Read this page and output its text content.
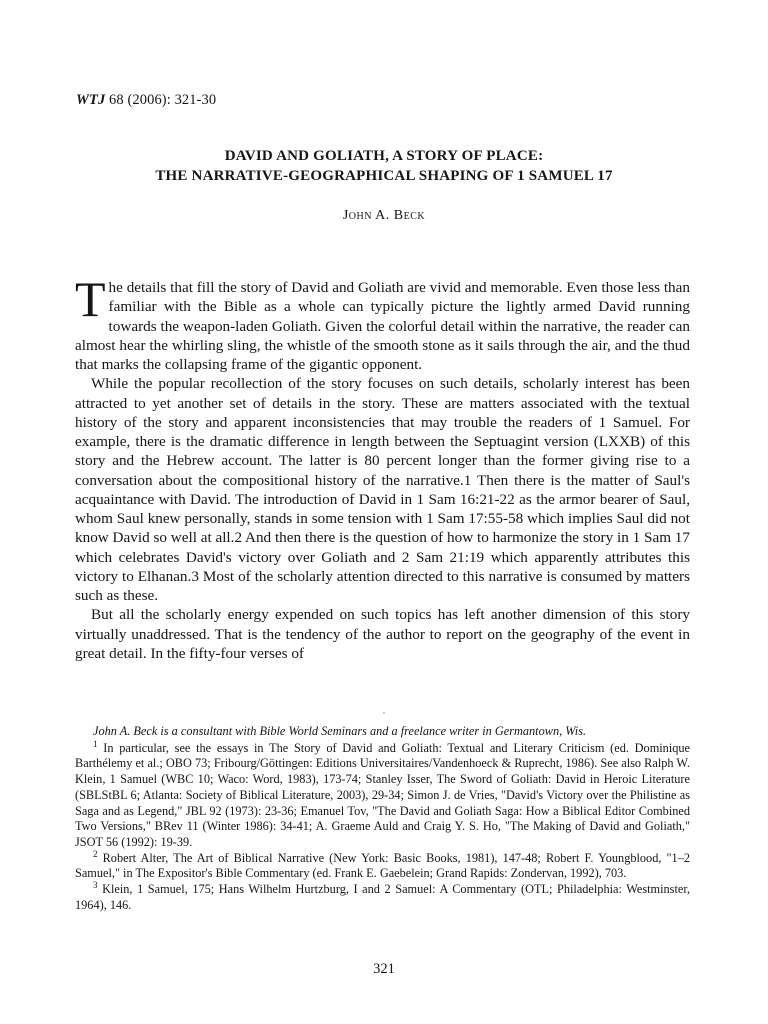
WTJ 68 (2006): 321-30
DAVID AND GOLIATH, A STORY OF PLACE:
THE NARRATIVE-GEOGRAPHICAL SHAPING OF 1 SAMUEL 17
John A. Beck

The details that fill the story of David and Goliath are vivid and memorable. Even those less than familiar with the Bible as a whole can typically picture the lightly armed David running towards the weapon-laden Goliath. Given the colorful detail within the narrative, the reader can almost hear the whirling sling, the whistle of the smooth stone as it sails through the air, and the thud that marks the collapsing frame of the gigantic opponent.

While the popular recollection of the story focuses on such details, scholarly interest has been attracted to yet another set of details in the story. These are matters associated with the textual history of the story and apparent inconsistencies that may trouble the readers of 1 Samuel. For example, there is the dramatic difference in length between the Septuagint version (LXXB) of this story and the Hebrew account. The latter is 80 percent longer than the former giving rise to a conversation about the compositional history of the narrative.1 Then there is the matter of Saul's acquaintance with David. The introduction of David in 1 Sam 16:21-22 as the armor bearer of Saul, whom Saul knew personally, stands in some tension with 1 Sam 17:55-58 which implies Saul did not know David so well at all.2 And then there is the question of how to harmonize the story in 1 Sam 17 which celebrates David's victory over Goliath and 2 Sam 21:19 which apparently attributes this victory to Elhanan.3 Most of the scholarly attention directed to this narrative is consumed by matters such as these.

But all the scholarly energy expended on such topics has left another dimension of this story virtually unaddressed. That is the tendency of the author to report on the geography of the event in great detail. In the fifty-four verses of

,

John A. Beck is a consultant with Bible World Seminars and a freelance writer in Germantown, Wis.

$^1$ In particular, see the essays in The Story of David and Goliath: Textual and Literary Criticism (ed. Dominique Barthélemy et al.; OBO 73; Fribourg/Göttingen: Editions Universitaires/Vandenhoeck & Ruprecht, 1986). See also Ralph W. Klein, 1 Samuel (WBC 10; Waco: Word, 1983), 173-74; Stanley Isser, The Sword of Goliath: David in Heroic Literature (SBLStBL 6; Atlanta: Society of Biblical Literature, 2003), 29-34; Simon J. de Vries, "David's Victory over the Philistine as Saga and as Legend," JBL 92 (1973): 23-36; Emanuel Tov, "The David and Goliath Saga: How a Biblical Editor Combined Two Versions," BRev 11 (Winter 1986): 34-41; A. Graeme Auld and Craig Y. S. Ho, "The Making of David and Goliath," JSOT 56 (1992): 19-39.

$^2$ Robert Alter, The Art of Biblical Narrative (New York: Basic Books, 1981), 147-48; Robert F. Youngblood, "1–2 Samuel," in The Expositor's Bible Commentary (ed. Frank E. Gaebelein; Grand Rapids: Zondervan, 1992), 703.

$^3$ Klein, 1 Samuel, 175; Hans Wilhelm Hurtzburg, I and 2 Samuel: A Commentary (OTL; Philadelphia: Westminster, 1964), 146.

321
